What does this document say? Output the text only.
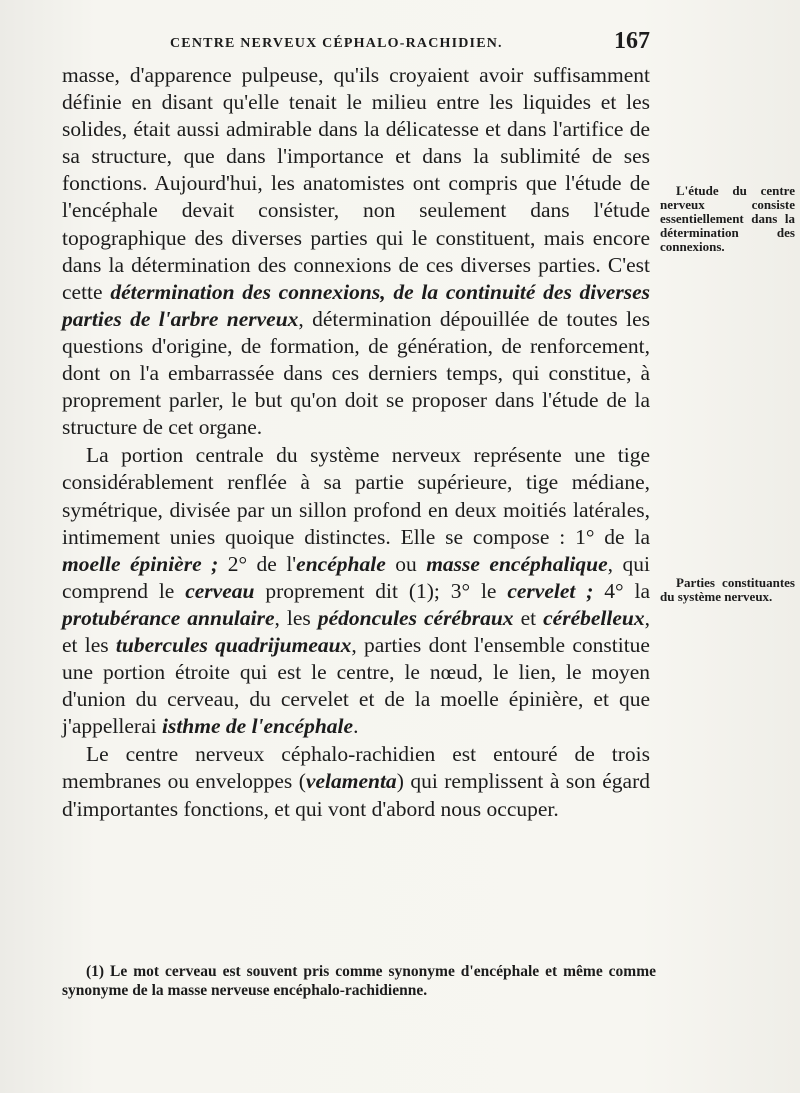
CENTRE NERVEUX CÉPHALO-RACHIDIEN.	167

masse, d'apparence pulpeuse, qu'ils croyaient avoir suffisamment définie en disant qu'elle tenait le milieu entre les liquides et les solides, était aussi admirable dans la délicatesse et dans l'artifice de sa structure, que dans l'importance et dans la sublimité de ses fonctions. Aujourd'hui, les anatomistes ont compris que l'étude de l'encéphale devait consister, non seulement dans l'étude topographique des diverses parties qui le constituent, mais encore dans la détermination des connexions de ces diverses parties. C'est cette détermination des connexions, de la continuité des diverses parties de l'arbre nerveux, détermination dépouillée de toutes les questions d'origine, de formation, de génération, de renforcement, dont on l'a embarrassée dans ces derniers temps, qui constitue, à proprement parler, le but qu'on doit se proposer dans l'étude de la structure de cet organe.

La portion centrale du système nerveux représente une tige considérablement renflée à sa partie supérieure, tige médiane, symétrique, divisée par un sillon profond en deux moitiés latérales, intimement unies quoique distinctes. Elle se compose : 1° de la moelle épinière ; 2° de l'encéphale ou masse encéphalique, qui comprend le cerveau proprement dit (1); 3° le cervelet ; 4° la protubérance annulaire, les pédoncules cérébraux et cérébelleux, et les tubercules quadrijumeaux, parties dont l'ensemble constitue une portion étroite qui est le centre, le nœud, le lien, le moyen d'union du cerveau, du cervelet et de la moelle épinière, et que j'appellerai isthme de l'encéphale.

Le centre nerveux céphalo-rachidien est entouré de trois membranes ou enveloppes (velamenta) qui remplissent à son égard d'importantes fonctions, et qui vont d'abord nous occuper.

L'étude du centre nerveux consiste essentiellement dans la détermination des connexions.

Parties constituantes du système nerveux.

(1) Le mot cerveau est souvent pris comme synonyme d'encéphale et même comme synonyme de la masse nerveuse encéphalo-rachidienne.
